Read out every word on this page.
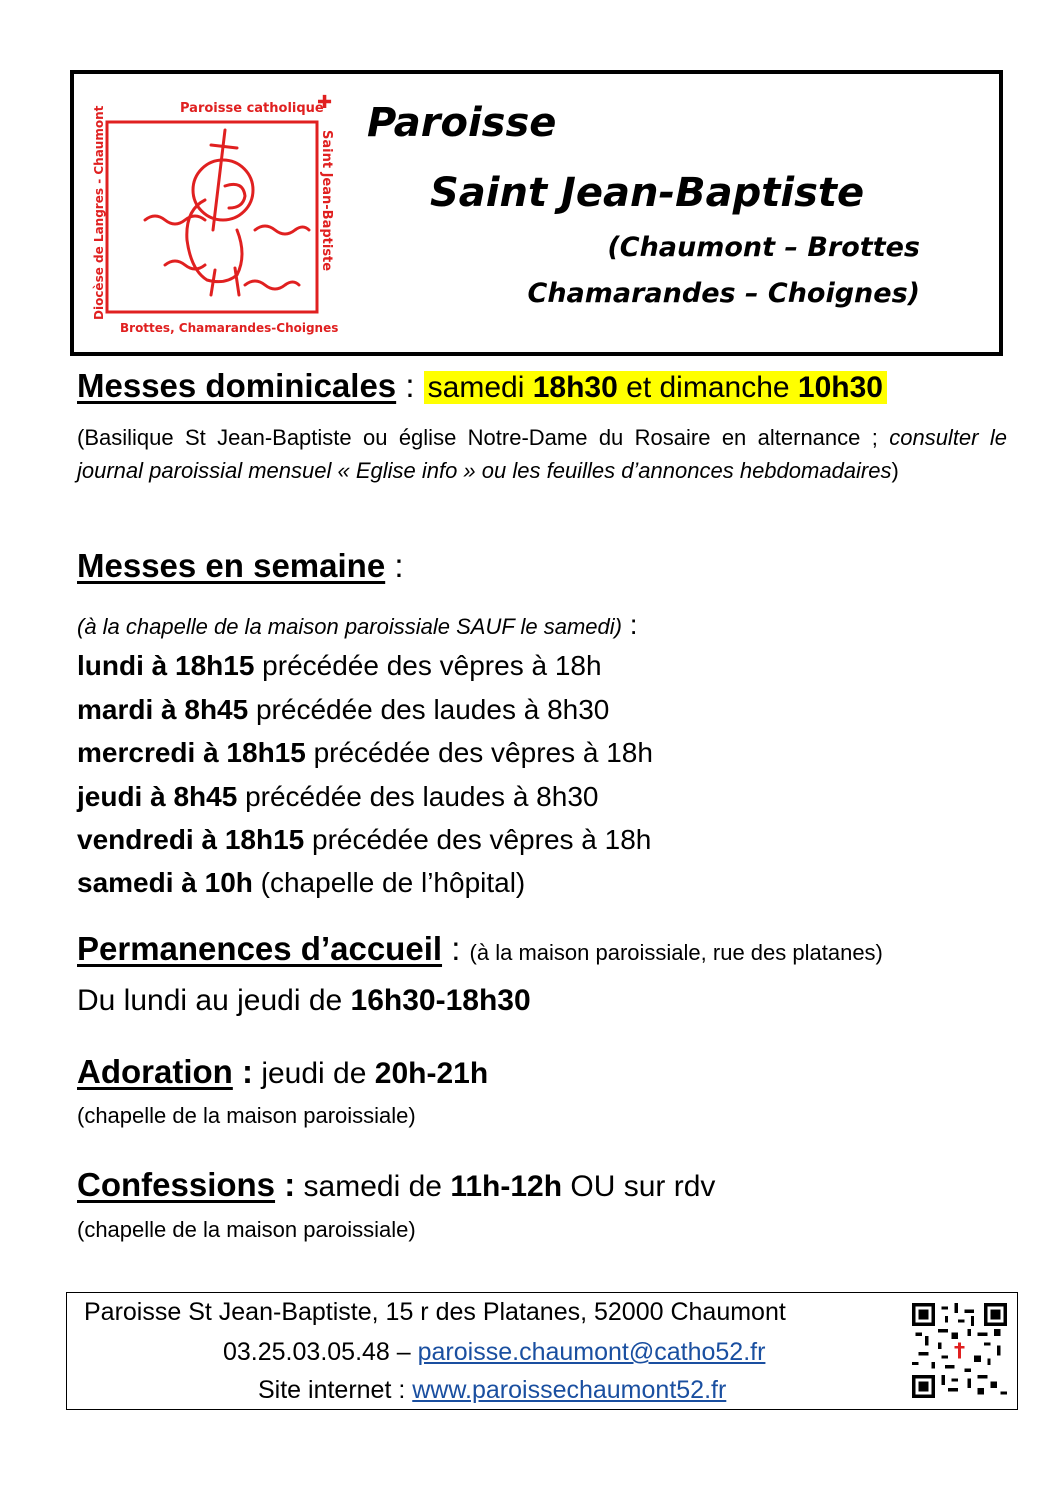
Paroisse catholique
✚
Saint Jean-Baptiste
Diocèse de Langres - Chaumont
Brottes, Chamarandes-Choignes
Paroisse
Saint Jean-Baptiste
(Chaumont – Brottes
Chamarandes – Choignes)
Messes dominicales : samedi 18h30 et dimanche 10h30
(Basilique St Jean-Baptiste ou église Notre-Dame du Rosaire en alternance ; consulter le journal paroissial mensuel « Eglise info » ou les feuilles d’annonces hebdomadaires)
Messes en semaine :
(à la chapelle de la maison paroissiale SAUF le samedi) :
lundi à 18h15 précédée des vêpres à 18h
mardi à 8h45 précédée des laudes à 8h30
mercredi à 18h15 précédée des vêpres à 18h
jeudi à 8h45 précédée des laudes à 8h30
vendredi à 18h15 précédée des vêpres à 18h
samedi à 10h (chapelle de l’hôpital)
Permanences d’accueil : (à la maison paroissiale, rue des platanes)
Du lundi au jeudi de 16h30-18h30
Adoration : jeudi de 20h-21h
(chapelle de la maison paroissiale)
Confessions : samedi de 11h-12h OU sur rdv
(chapelle de la maison paroissiale)
Paroisse St Jean-Baptiste, 15 r des Platanes, 52000 Chaumont
03.25.03.05.48 – paroisse.chaumont@catho52.fr
Site internet : www.paroissechaumont52.fr
